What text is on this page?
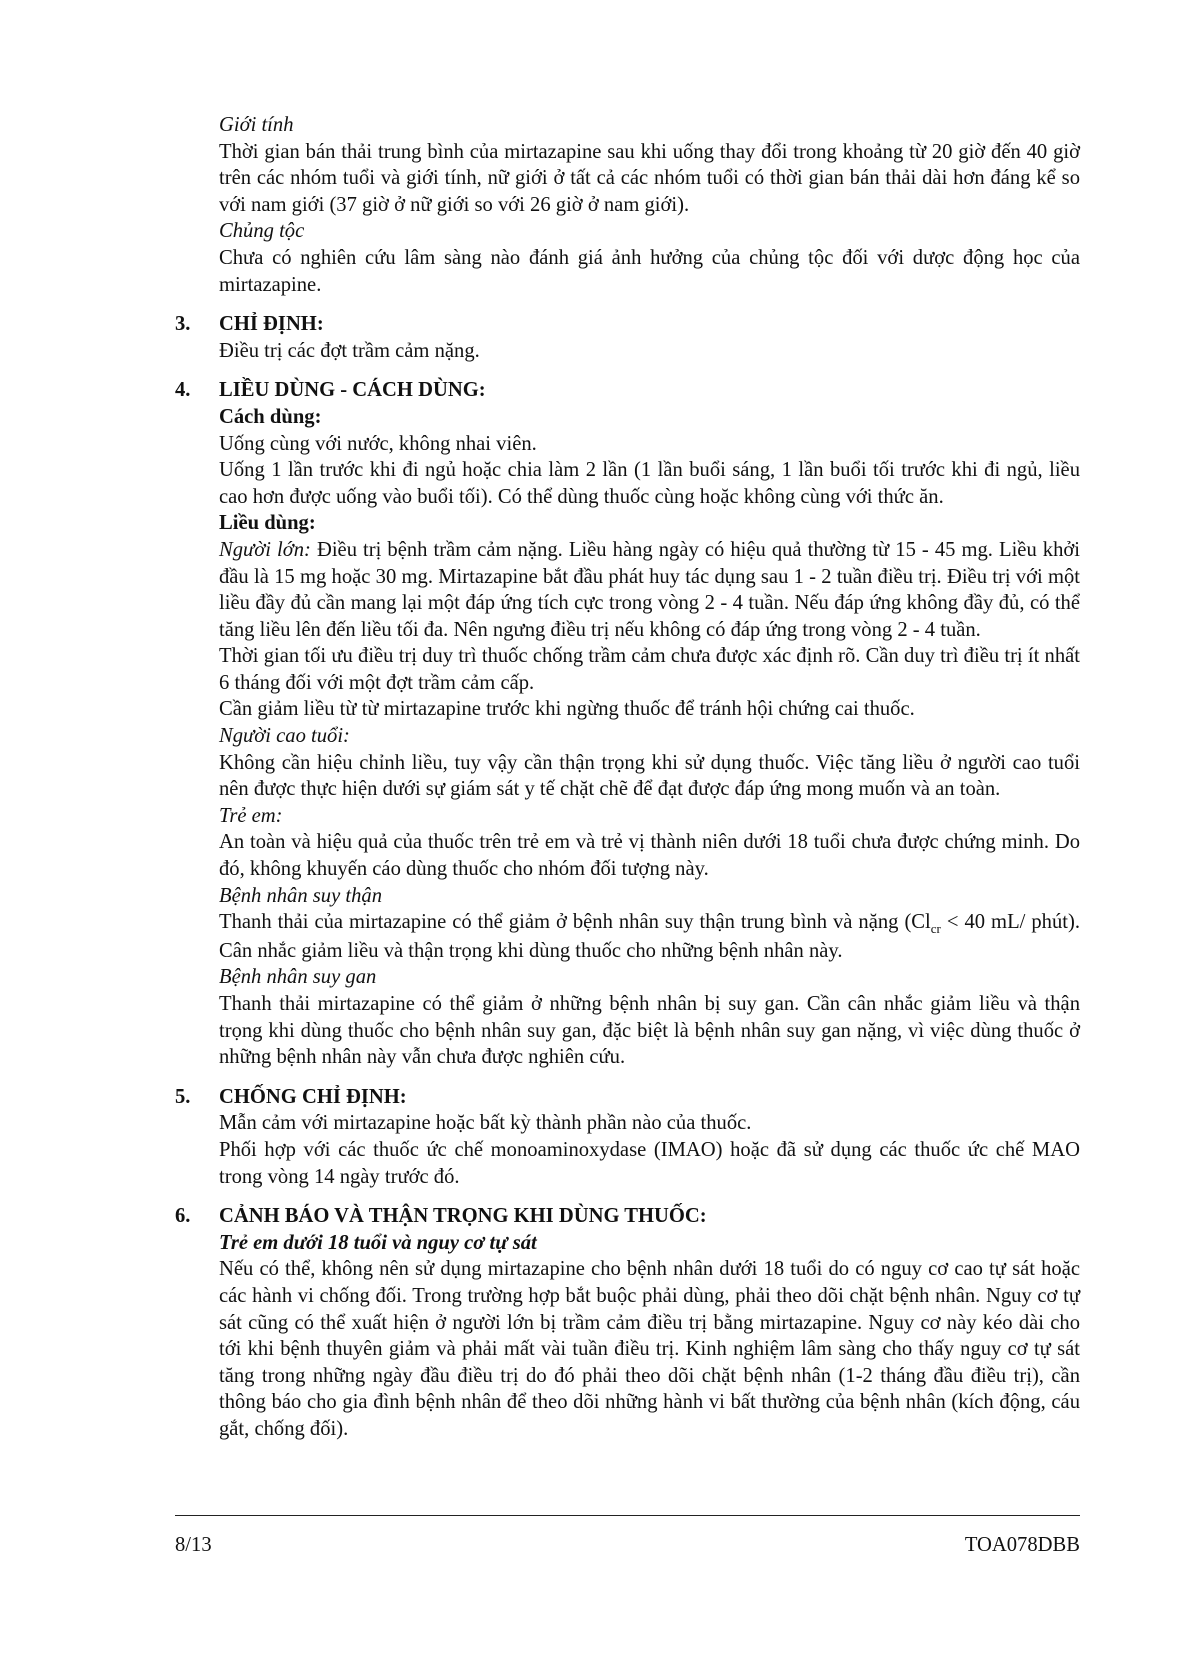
Giới tính
Thời gian bán thải trung bình của mirtazapine sau khi uống thay đổi trong khoảng từ 20 giờ đến 40 giờ trên các nhóm tuổi và giới tính, nữ giới ở tất cả các nhóm tuổi có thời gian bán thải dài hơn đáng kể so với nam giới (37 giờ ở nữ giới so với 26 giờ ở nam giới).
Chủng tộc
Chưa có nghiên cứu lâm sàng nào đánh giá ảnh hưởng của chủng tộc đối với dược động học của mirtazapine.
3.	CHỈ ĐỊNH:
Điều trị các đợt trầm cảm nặng.
4.	LIỀU DÙNG - CÁCH DÙNG:
Cách dùng:
Uống cùng với nước, không nhai viên.
Uống 1 lần trước khi đi ngủ hoặc chia làm 2 lần (1 lần buổi sáng, 1 lần buổi tối trước khi đi ngủ, liều cao hơn được uống vào buổi tối). Có thể dùng thuốc cùng hoặc không cùng với thức ăn.
Liều dùng:
Người lớn: Điều trị bệnh trầm cảm nặng. Liều hàng ngày có hiệu quả thường từ 15 - 45 mg. Liều khởi đầu là 15 mg hoặc 30 mg. Mirtazapine bắt đầu phát huy tác dụng sau 1 - 2 tuần điều trị. Điều trị với một liều đầy đủ cần mang lại một đáp ứng tích cực trong vòng 2 - 4 tuần. Nếu đáp ứng không đầy đủ, có thể tăng liều lên đến liều tối đa. Nên ngưng điều trị nếu không có đáp ứng trong vòng 2 - 4 tuần.
Thời gian tối ưu điều trị duy trì thuốc chống trầm cảm chưa được xác định rõ. Cần duy trì điều trị ít nhất 6 tháng đối với một đợt trầm cảm cấp.
Cần giảm liều từ từ mirtazapine trước khi ngừng thuốc để tránh hội chứng cai thuốc.
Người cao tuổi:
Không cần hiệu chỉnh liều, tuy vậy cần thận trọng khi sử dụng thuốc. Việc tăng liều ở người cao tuổi nên được thực hiện dưới sự giám sát y tế chặt chẽ để đạt được đáp ứng mong muốn và an toàn.
Trẻ em:
An toàn và hiệu quả của thuốc trên trẻ em và trẻ vị thành niên dưới 18 tuổi chưa được chứng minh. Do đó, không khuyến cáo dùng thuốc cho nhóm đối tượng này.
Bệnh nhân suy thận
Thanh thải của mirtazapine có thể giảm ở bệnh nhân suy thận trung bình và nặng ($Cl_{cr} < 40$ mL/ phút). Cân nhắc giảm liều và thận trọng khi dùng thuốc cho những bệnh nhân này.
Bệnh nhân suy gan
Thanh thải mirtazapine có thể giảm ở những bệnh nhân bị suy gan. Cần cân nhắc giảm liều và thận trọng khi dùng thuốc cho bệnh nhân suy gan, đặc biệt là bệnh nhân suy gan nặng, vì việc dùng thuốc ở những bệnh nhân này vẫn chưa được nghiên cứu.
5.	CHỐNG CHỈ ĐỊNH:
Mẫn cảm với mirtazapine hoặc bất kỳ thành phần nào của thuốc.
Phối hợp với các thuốc ức chế monoaminoxydase (IMAO) hoặc đã sử dụng các thuốc ức chế MAO trong vòng 14 ngày trước đó.
6.	CẢNH BÁO VÀ THẬN TRỌNG KHI DÙNG THUỐC:
Trẻ em dưới 18 tuổi và nguy cơ tự sát
Nếu có thể, không nên sử dụng mirtazapine cho bệnh nhân dưới 18 tuổi do có nguy cơ cao tự sát hoặc các hành vi chống đối. Trong trường hợp bắt buộc phải dùng, phải theo dõi chặt bệnh nhân. Nguy cơ tự sát cũng có thể xuất hiện ở người lớn bị trầm cảm điều trị bằng mirtazapine. Nguy cơ này kéo dài cho tới khi bệnh thuyên giảm và phải mất vài tuần điều trị. Kinh nghiệm lâm sàng cho thấy nguy cơ tự sát tăng trong những ngày đầu điều trị do đó phải theo dõi chặt bệnh nhân (1-2 tháng đầu điều trị), cần thông báo cho gia đình bệnh nhân để theo dõi những hành vi bất thường của bệnh nhân (kích động, cáu gắt, chống đối).
8/13	TOA078DBB
